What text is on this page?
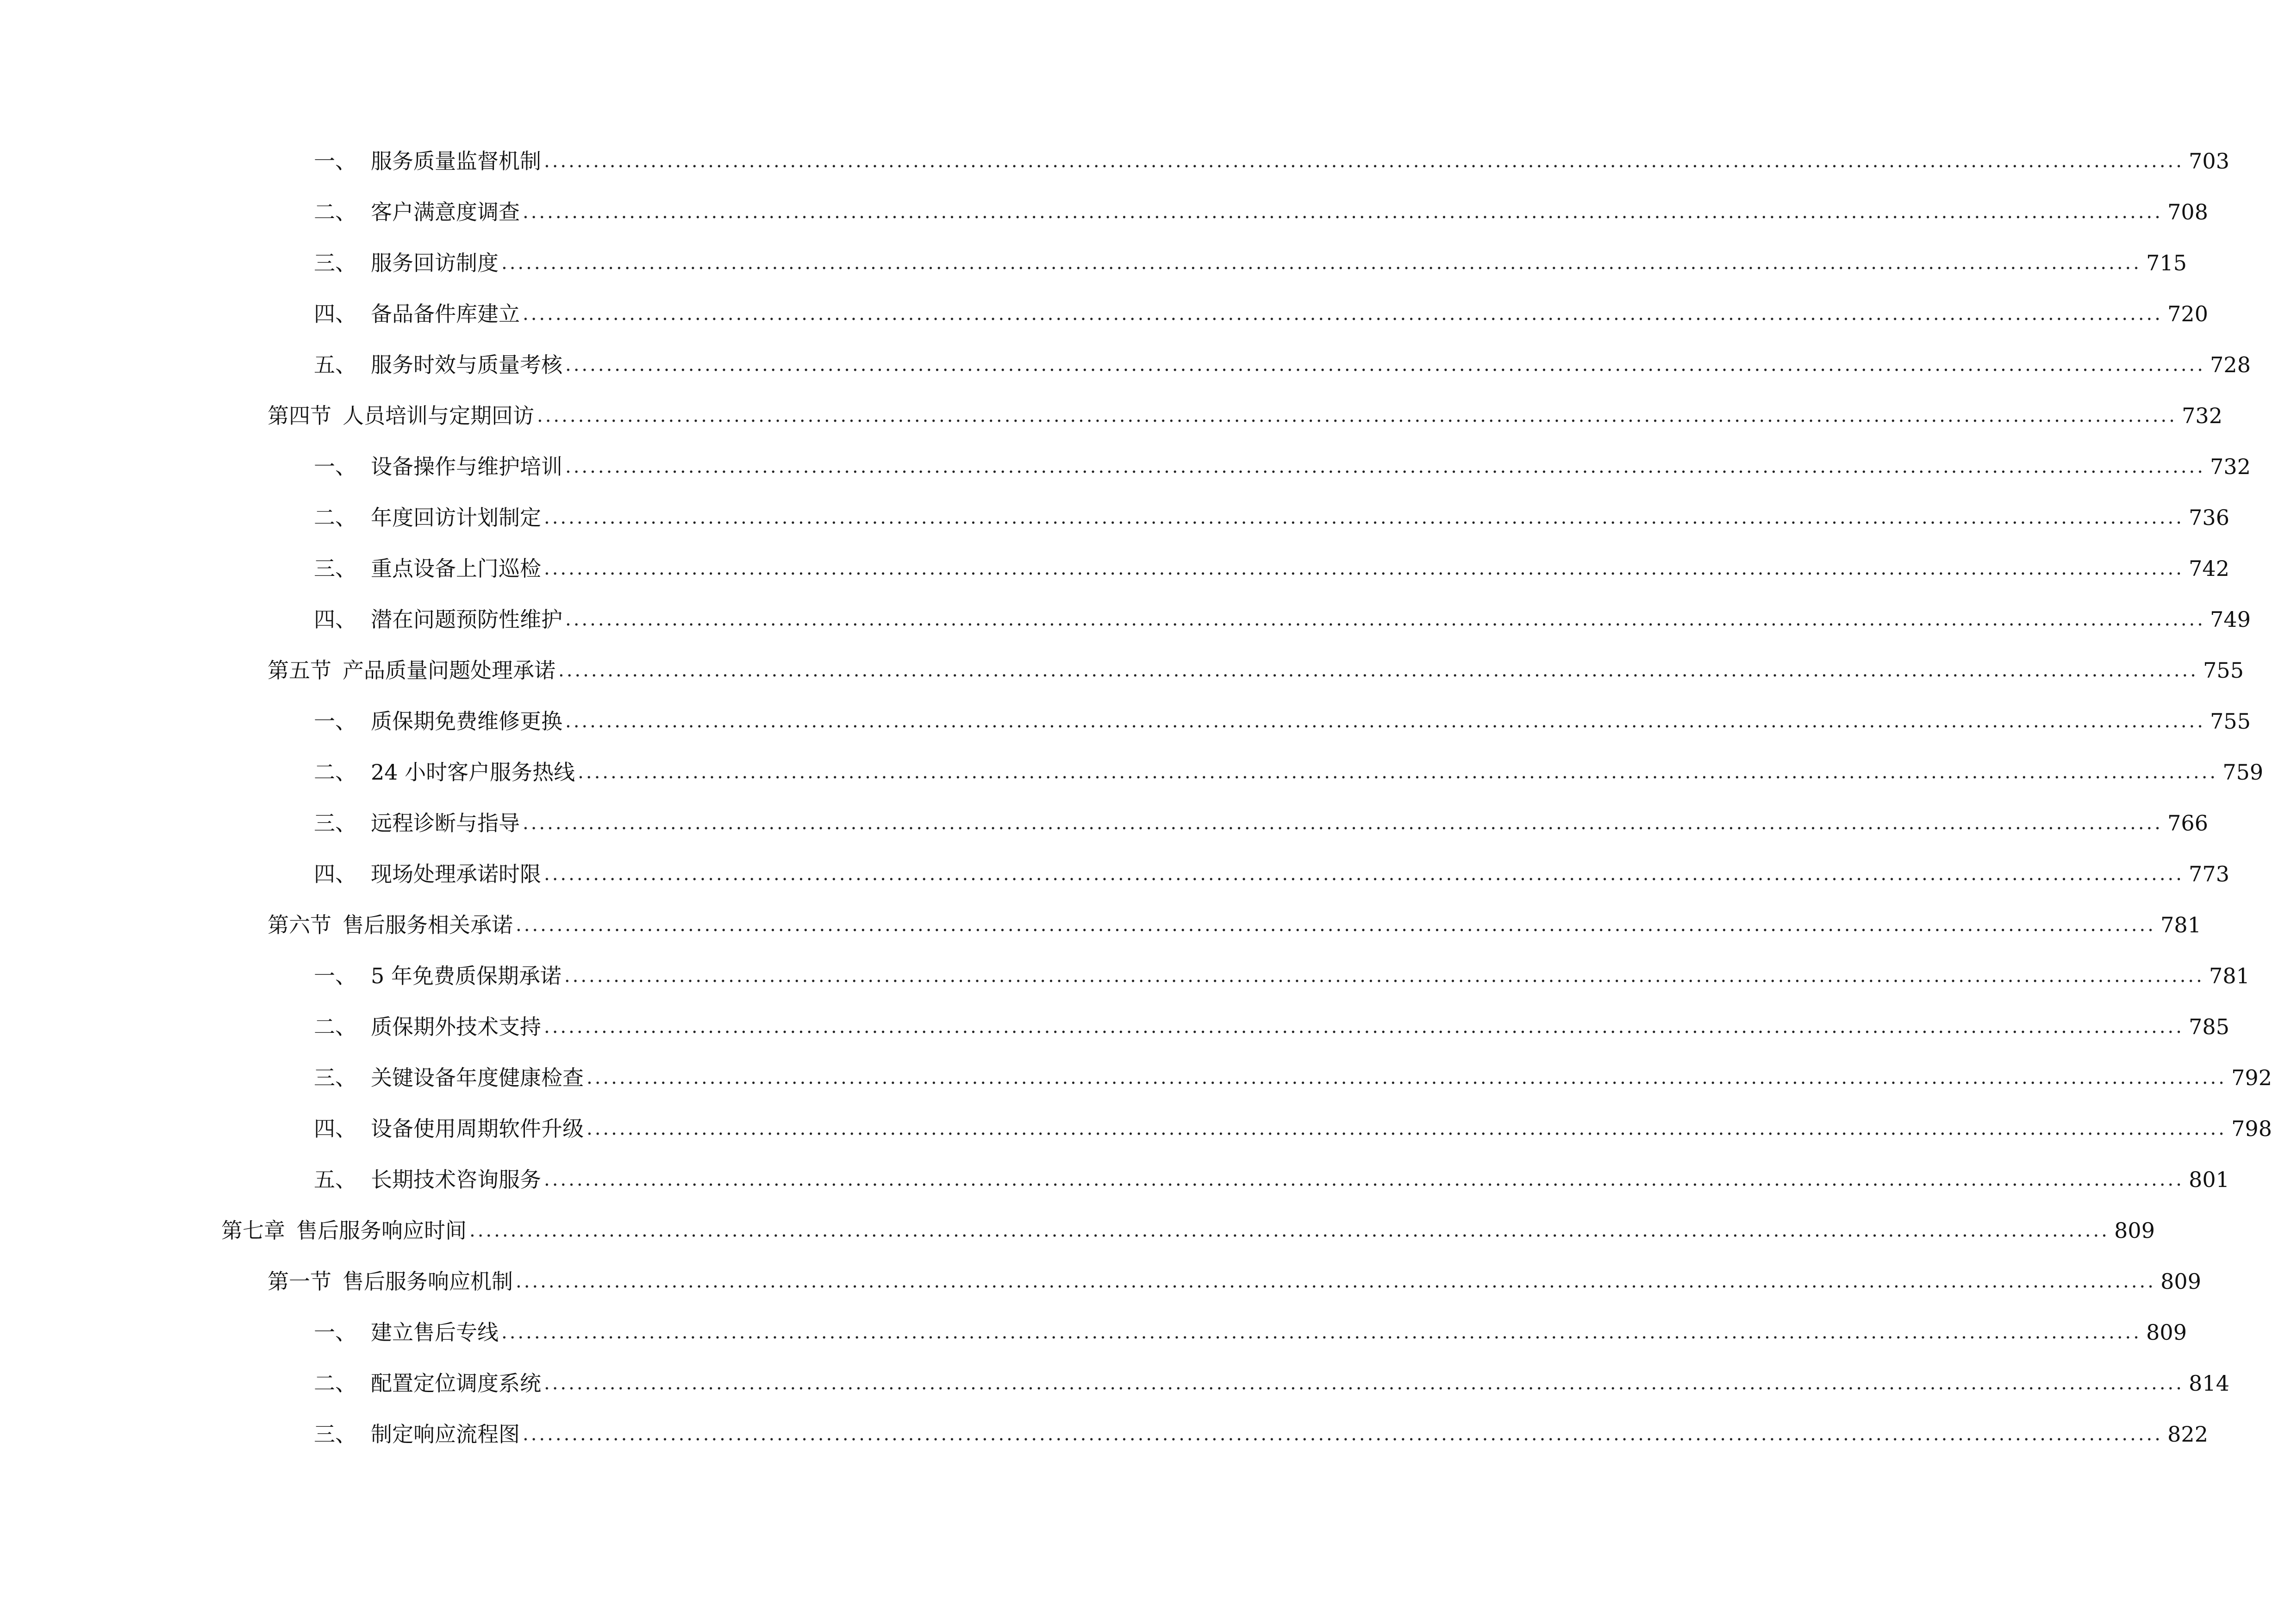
一、 服务质量监督机制 ........................................................................................................................................................................................................ 703
二、 客户满意度调查 ........................................................................................................................................................................................................ 708
三、 服务回访制度 ........................................................................................................................................................................................................ 715
四、 备品备件库建立 ........................................................................................................................................................................................................ 720
五、 服务时效与质量考核 ........................................................................................................................................................................................................ 728
第四节 人员培训与定期回访 ........................................................................................................................................................................................................ 732
一、 设备操作与维护培训 ........................................................................................................................................................................................................ 732
二、 年度回访计划制定 ........................................................................................................................................................................................................ 736
三、 重点设备上门巡检 ........................................................................................................................................................................................................ 742
四、 潜在问题预防性维护 ........................................................................................................................................................................................................ 749
第五节 产品质量问题处理承诺 ........................................................................................................................................................................................................ 755
一、 质保期免费维修更换 ........................................................................................................................................................................................................ 755
二、 24 小时客户服务热线 ........................................................................................................................................................................................................ 759
三、 远程诊断与指导 ........................................................................................................................................................................................................ 766
四、 现场处理承诺时限 ........................................................................................................................................................................................................ 773
第六节 售后服务相关承诺 ........................................................................................................................................................................................................ 781
一、 5 年免费质保期承诺 ........................................................................................................................................................................................................ 781
二、 质保期外技术支持 ........................................................................................................................................................................................................ 785
三、 关键设备年度健康检查 ........................................................................................................................................................................................................ 792
四、 设备使用周期软件升级 ........................................................................................................................................................................................................ 798
五、 长期技术咨询服务 ........................................................................................................................................................................................................ 801
第七章 售后服务响应时间 ........................................................................................................................................................................................................ 809
第一节 售后服务响应机制 ........................................................................................................................................................................................................ 809
一、 建立售后专线 ........................................................................................................................................................................................................ 809
二、 配置定位调度系统 ........................................................................................................................................................................................................ 814
三、 制定响应流程图 ........................................................................................................................................................................................................ 822
